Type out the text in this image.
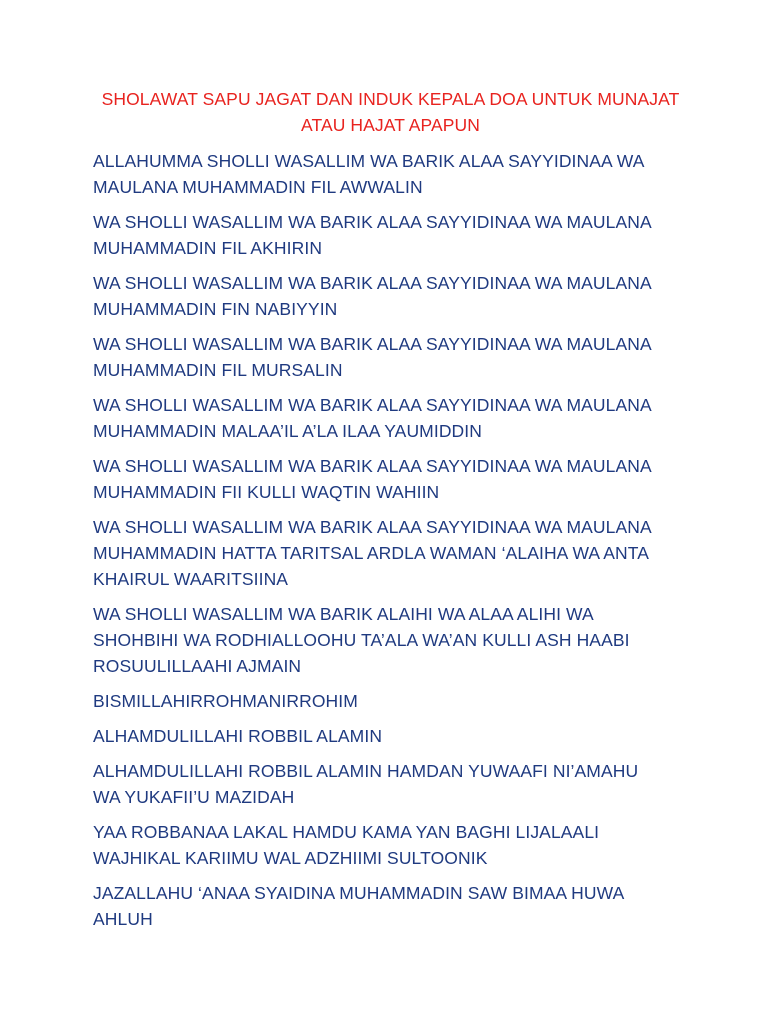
SHOLAWAT SAPU JAGAT DAN INDUK KEPALA DOA UNTUK MUNAJAT
ATAU HAJAT APAPUN
ALLAHUMMA SHOLLI WASALLIM WA BARIK ALAA SAYYIDINAA WA
MAULANA MUHAMMADIN FIL AWWALIN
WA SHOLLI WASALLIM WA BARIK ALAA SAYYIDINAA WA MAULANA
MUHAMMADIN FIL AKHIRIN
WA SHOLLI WASALLIM WA BARIK ALAA SAYYIDINAA WA MAULANA
MUHAMMADIN FIN NABIYYIN
WA SHOLLI WASALLIM WA BARIK ALAA SAYYIDINAA WA MAULANA
MUHAMMADIN FIL MURSALIN
WA SHOLLI WASALLIM WA BARIK ALAA SAYYIDINAA WA MAULANA
MUHAMMADIN MALAA’IL A’LA ILAA YAUMIDDIN
WA SHOLLI WASALLIM WA BARIK ALAA SAYYIDINAA WA MAULANA
MUHAMMADIN FII KULLI WAQTIN WAHIIN
WA SHOLLI WASALLIM WA BARIK ALAA SAYYIDINAA WA MAULANA
MUHAMMADIN HATTA TARITSAL ARDLA WAMAN ‘ALAIHA WA ANTA
KHAIRUL WAARITSIINA
WA SHOLLI WASALLIM WA BARIK ALAIHI WA ALAA ALIHI WA
SHOHBIHI WA RODHIALLOOHU TA’ALA WA’AN KULLI ASH HAABI
ROSUULILLAAHI AJMAIN
BISMILLAHIRROHMANIRROHIM
ALHAMDULILLAHI ROBBIL ALAMIN
ALHAMDULILLAHI ROBBIL ALAMIN HAMDAN YUWAAFI NI’AMAHU
WA YUKAFII’U MAZIDAH
YAA ROBBANAA LAKAL HAMDU KAMA YAN BAGHI LIJALAALI
WAJHIKAL KARIIMU WAL ADZHIIMI SULTOONIK
JAZALLAHU ‘ANAA SYAIDINA MUHAMMADIN SAW BIMAA HUWA
AHLUH
